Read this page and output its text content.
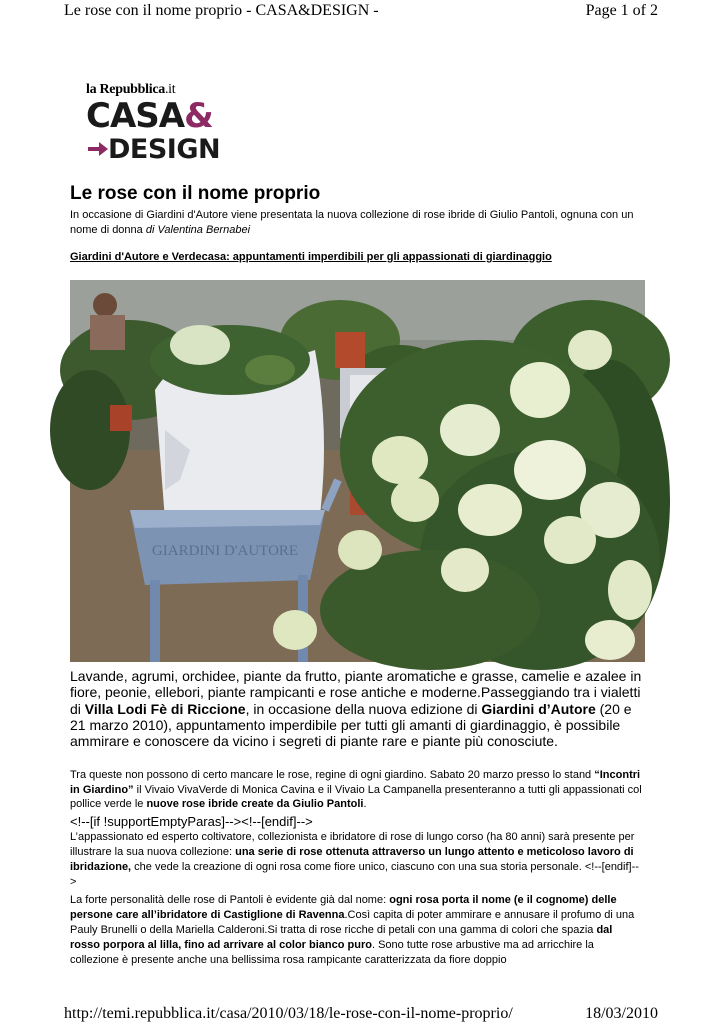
Le rose con il nome proprio - CASA&DESIGN -	Page 1 of 2
la Repubblica.it
CASA&
DESIGN
Le rose con il nome proprio
In occasione di Giardini d'Autore viene presentata la nuova collezione di rose ibride di Giulio Pantoli, ognuna con un nome di donna di Valentina Bernabei
Giardini d'Autore e Verdecasa: appuntamenti imperdibili per gli appassionati di giardinaggio
GIARDINI D'AUTORE
Lavande, agrumi, orchidee, piante da frutto, piante aromatiche e grasse, camelie e azalee in fiore, peonie, ellebori, piante rampicanti e rose antiche e moderne.Passeggiando tra i vialetti di Villa Lodi Fè di Riccione, in occasione della nuova edizione di Giardini d’Autore (20 e 21 marzo 2010), appuntamento imperdibile per tutti gli amanti di giardinaggio, è possibile ammirare e conoscere da vicino i segreti di piante rare e piante più conosciute.
Tra queste non possono di certo mancare le rose, regine di ogni giardino. Sabato 20 marzo presso lo stand “Incontri in Giardino” il Vivaio VivaVerde di Monica Cavina e il Vivaio La Campanella presenteranno a tutti gli appassionati col pollice verde le nuove rose ibride create da Giulio Pantoli.
<!--[if !supportEmptyParas]--><!--[endif]-->
L’appassionato ed esperto coltivatore, collezionista e ibridatore di rose di lungo corso (ha 80 anni) sarà presente per illustrare la sua nuova collezione: una serie di rose ottenuta attraverso un lungo attento e meticoloso lavoro di ibridazione, che vede la creazione di ogni rosa come fiore unico, ciascuno con una sua storia personale. <!--[endif]-->
La forte personalità delle rose di Pantoli è evidente già dal nome: ogni rosa porta il nome (e il cognome) delle persone care all’ibridatore di Castiglione di Ravenna.Così capita di poter ammirare e annusare il profumo di una Pauly Brunelli o della Mariella Calderoni.Si tratta di rose ricche di petali con una gamma di colori che spazia dal rosso porpora al lilla, fino ad arrivare al color bianco puro. Sono tutte rose arbustive ma ad arricchire la collezione è presente anche una bellissima rosa rampicante caratterizzata da fiore doppio
http://temi.repubblica.it/casa/2010/03/18/le-rose-con-il-nome-proprio/	18/03/2010
